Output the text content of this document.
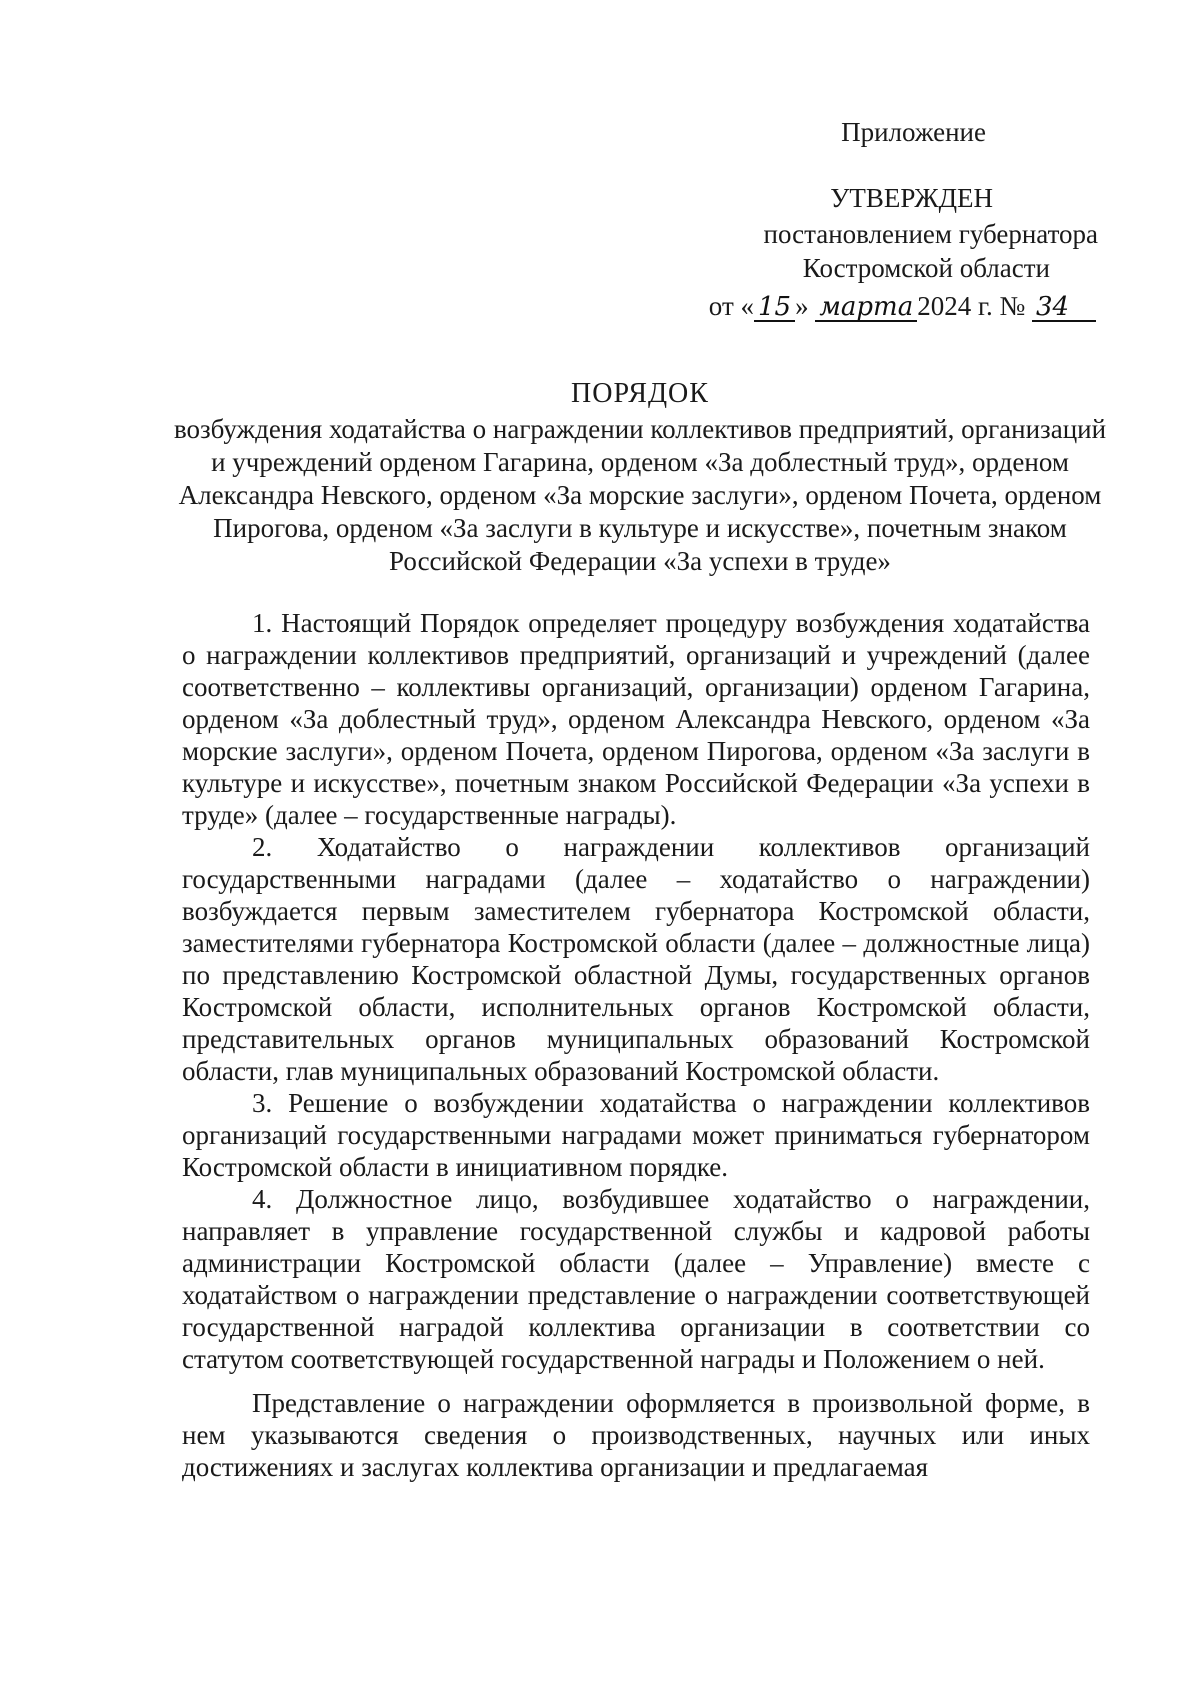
Приложение
УТВЕРЖДЕН
постановлением губернатора
Костромской области
от « 15 » марта 2024 г. № 34
ПОРЯДОК
возбуждения ходатайства о награждении коллективов предприятий, организаций и учреждений орденом Гагарина, орденом «За доблестный труд», орденом Александра Невского, орденом «За морские заслуги», орденом Почета, орденом Пирогова, орденом «За заслуги в культуре и искусстве», почетным знаком Российской Федерации «За успехи в труде»

1. Настоящий Порядок определяет процедуру возбуждения ходатайства о награждении коллективов предприятий, организаций и учреждений (далее соответственно – коллективы организаций, организации) орденом Гагарина, орденом «За доблестный труд», орденом Александра Невского, орденом «За морские заслуги», орденом Почета, орденом Пирогова, орденом «За заслуги в культуре и искусстве», почетным знаком Российской Федерации «За успехи в труде» (далее – государственные награды).

2. Ходатайство о награждении коллективов организаций государственными наградами (далее – ходатайство о награждении) возбуждается первым заместителем губернатора Костромской области, заместителями губернатора Костромской области (далее – должностные лица) по представлению Костромской областной Думы, государственных органов Костромской области, исполнительных органов Костромской области, представительных органов муниципальных образований Костромской области, глав муниципальных образований Костромской области.

3. Решение о возбуждении ходатайства о награждении коллективов организаций государственными наградами может приниматься губернатором Костромской области в инициативном порядке.

4. Должностное лицо, возбудившее ходатайство о награждении, направляет в управление государственной службы и кадровой работы администрации Костромской области (далее – Управление) вместе с ходатайством о награждении представление о награждении соответствующей государственной наградой коллектива организации в соответствии со статутом соответствующей государственной награды и Положением о ней.

Представление о награждении оформляется в произвольной форме, в нем указываются сведения о производственных, научных или иных достижениях и заслугах коллектива организации и предлагаемая
